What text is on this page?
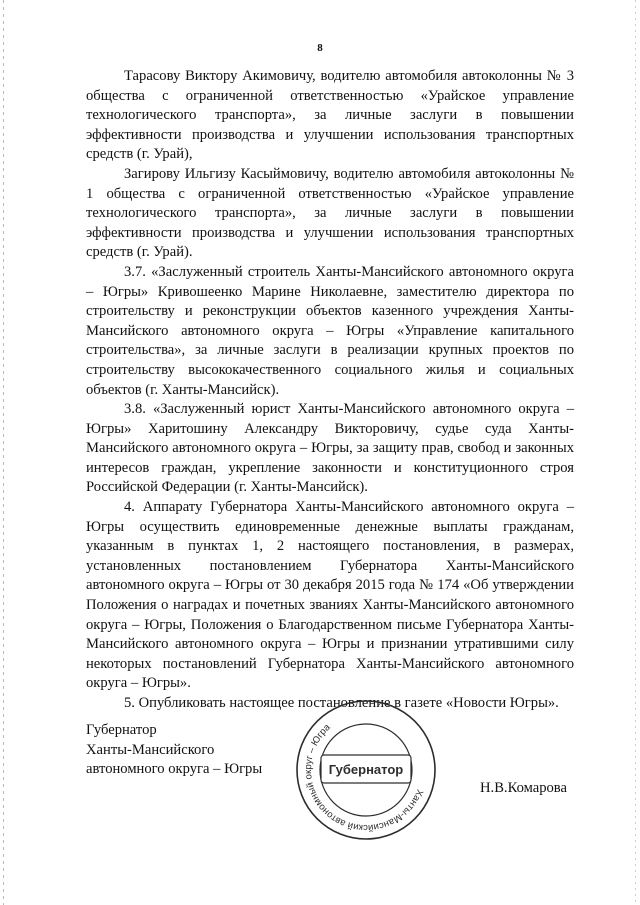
8

Тарасову Виктору Акимовичу, водителю автомобиля автоколонны № 3 общества с ограниченной ответственностью «Урайское управление технологического транспорта», за личные заслуги в повышении эффективности производства и улучшении использования транспортных средств (г. Урай),

Загирову Ильгизу Касыймовичу, водителю автомобиля автоколонны № 1 общества с ограниченной ответственностью «Урайское управление технологического транспорта», за личные заслуги в повышении эффективности производства и улучшении использования транспортных средств (г. Урай).

3.7. «Заслуженный строитель Ханты-Мансийского автономного округа – Югры» Кривошеенко Марине Николаевне, заместителю директора по строительству и реконструкции объектов казенного учреждения Ханты-Мансийского автономного округа – Югры «Управление капитального строительства», за личные заслуги в реализации крупных проектов по строительству высококачественного социального жилья и социальных объектов (г. Ханты-Мансийск).

3.8. «Заслуженный юрист Ханты-Мансийского автономного округа – Югры» Харитошину Александру Викторовичу, судье суда Ханты-Мансийского автономного округа – Югры, за защиту прав, свобод и законных интересов граждан, укрепление законности и конституционного строя Российской Федерации (г. Ханты-Мансийск).

4. Аппарату Губернатора Ханты-Мансийского автономного округа – Югры осуществить единовременные денежные выплаты гражданам, указанным в пунктах 1, 2 настоящего постановления, в размерах, установленных постановлением Губернатора Ханты-Мансийского автономного округа – Югры от 30 декабря 2015 года № 174 «Об утверждении Положения о наградах и почетных званиях Ханты-Мансийского автономного округа – Югры, Положения о Благодарственном письме Губернатора Ханты-Мансийского автономного округа – Югры и признании утратившими силу некоторых постановлений Губернатора Ханты-Мансийского автономного округа – Югры».

5. Опубликовать настоящее постановление в газете «Новости Югры».

Губернатор
Ханты-Мансийского
автономного округа – Югры
Ханты-Мансийский автономный округ – Югра
Губернатор
Н.В.Комарова
